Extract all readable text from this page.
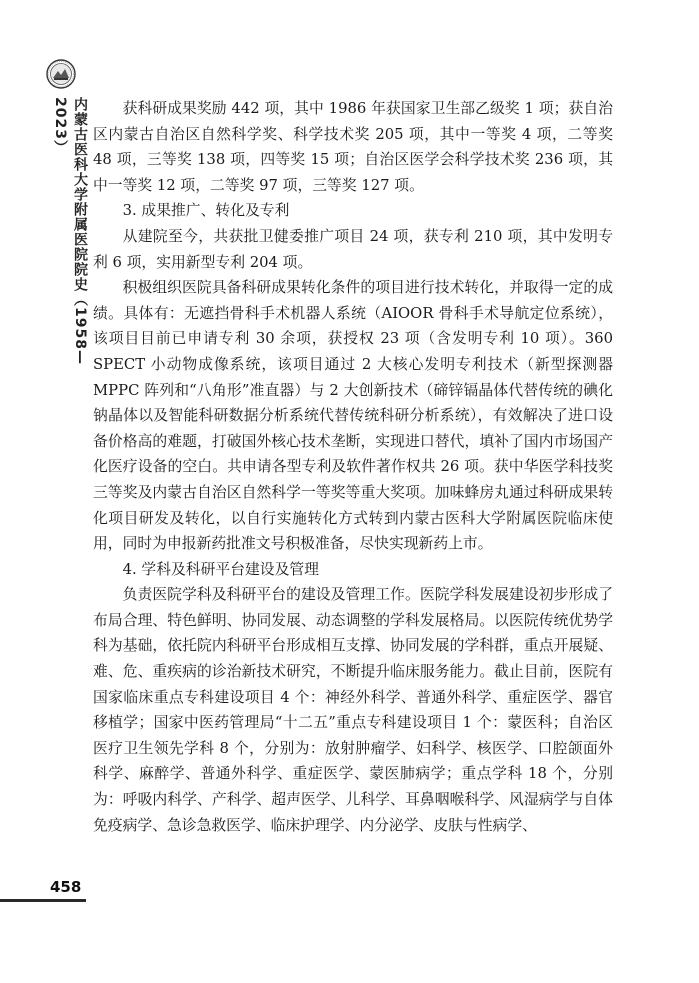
内蒙古医科大学附属医院院史（1958—2023）
458

获科研成果奖励 442 项，其中 1986 年获国家卫生部乙级奖 1 项；获自治区内蒙古自治区自然科学奖、科学技术奖 205 项，其中一等奖 4 项，二等奖 48 项，三等奖 138 项，四等奖 15 项；自治区医学会科学技术奖 236 项，其中一等奖 12 项，二等奖 97 项，三等奖 127 项。

3. 成果推广、转化及专利

从建院至今，共获批卫健委推广项目 24 项，获专利 210 项，其中发明专利 6 项，实用新型专利 204 项。

积极组织医院具备科研成果转化条件的项目进行技术转化，并取得一定的成绩。具体有：无遮挡骨科手术机器人系统（AIOOR 骨科手术导航定位系统），该项目目前已申请专利 30 余项，获授权 23 项（含发明专利 10 项）。360 SPECT 小动物成像系统，该项目通过 2 大核心发明专利技术（新型探测器 MPPC 阵列和“八角形”准直器）与 2 大创新技术（碲锌镉晶体代替传统的碘化钠晶体以及智能科研数据分析系统代替传统科研分析系统），有效解决了进口设备价格高的难题，打破国外核心技术垄断，实现进口替代，填补了国内市场国产化医疗设备的空白。共申请各型专利及软件著作权共 26 项。获中华医学科技奖三等奖及内蒙古自治区自然科学一等奖等重大奖项。加味蜂房丸通过科研成果转化项目研发及转化，以自行实施转化方式转到内蒙古医科大学附属医院临床使用，同时为申报新药批准文号积极准备，尽快实现新药上市。

4. 学科及科研平台建设及管理

负责医院学科及科研平台的建设及管理工作。医院学科发展建设初步形成了布局合理、特色鲜明、协同发展、动态调整的学科发展格局。以医院传统优势学科为基础，依托院内科研平台形成相互支撑、协同发展的学科群，重点开展疑、难、危、重疾病的诊治新技术研究，不断提升临床服务能力。截止目前，医院有国家临床重点专科建设项目 4 个：神经外科学、普通外科学、重症医学、器官移植学；国家中医药管理局“十二五”重点专科建设项目 1 个：蒙医科；自治区医疗卫生领先学科 8 个，分别为：放射肿瘤学、妇科学、核医学、口腔颌面外科学、麻醉学、普通外科学、重症医学、蒙医肺病学；重点学科 18 个，分别为：呼吸内科学、产科学、超声医学、儿科学、耳鼻咽喉科学、风湿病学与自体免疫病学、急诊急救医学、临床护理学、内分泌学、皮肤与性病学、
